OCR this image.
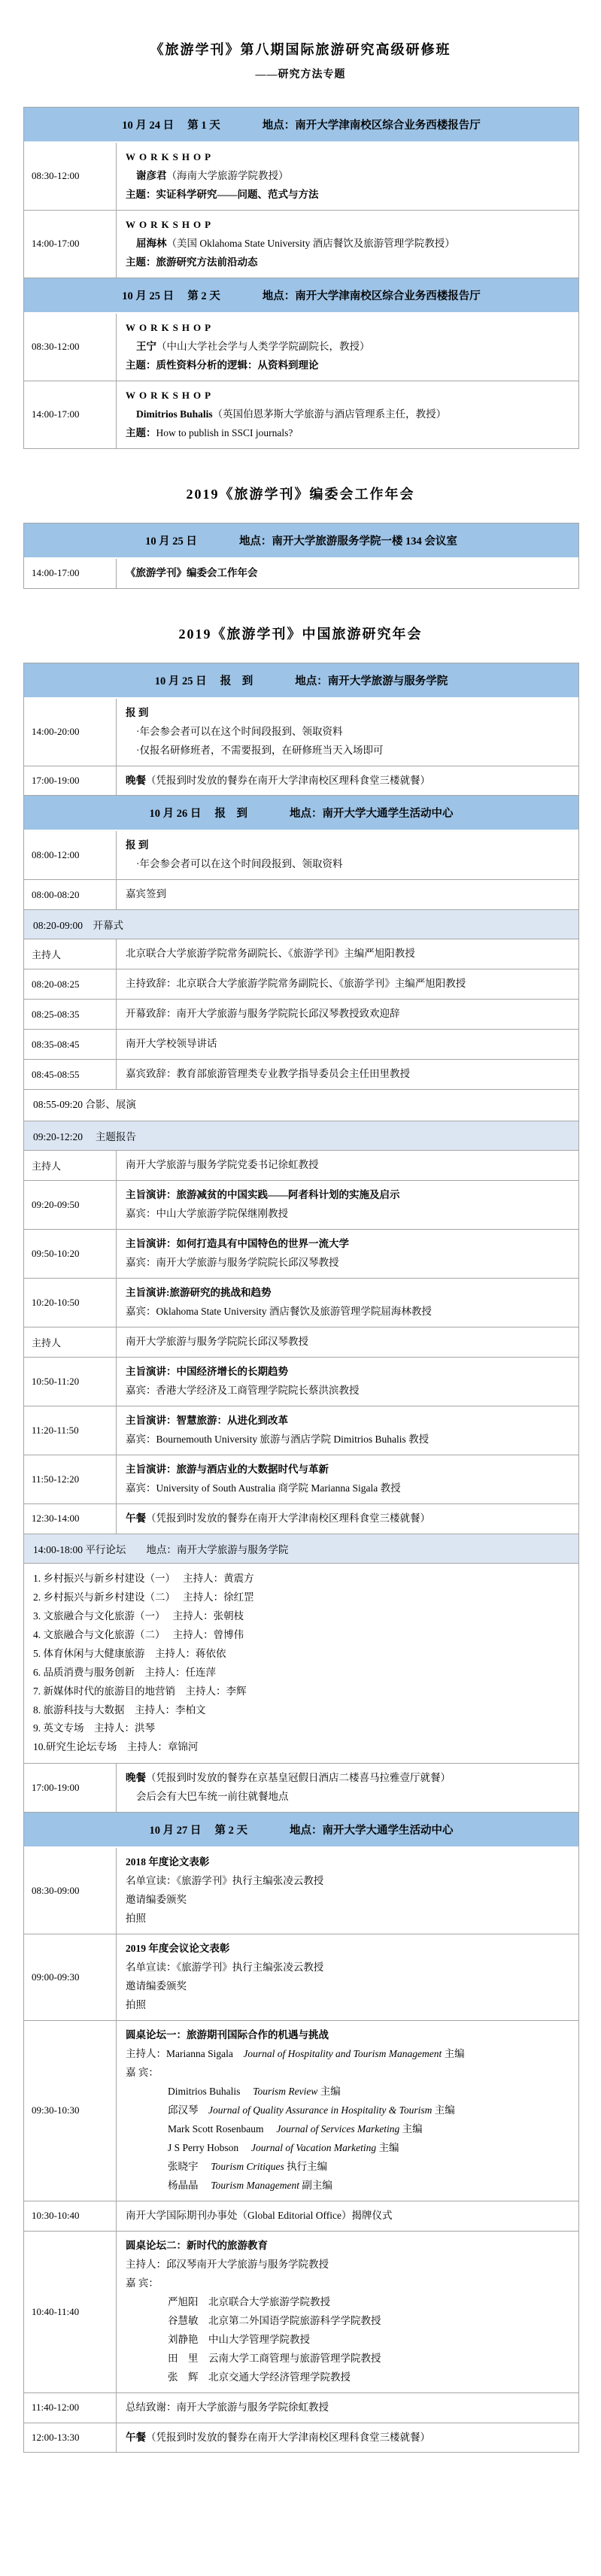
《旅游学刊》第八期国际旅游研究高级研修班
——研究方法专题
10 月 24 日　 第 1 天	地点：南开大学津南校区综合业务西楼报告厅
08:30-12:00
WORKSHOP
谢彦君（海南大学旅游学院教授）
主题：实证科学研究——问题、范式与方法
14:00-17:00
WORKSHOP
屈海林（美国 Oklahoma State University 酒店餐饮及旅游管理学院教授）
主题：旅游研究方法前沿动态
10 月 25 日　 第 2 天	地点：南开大学津南校区综合业务西楼报告厅
08:30-12:00
WORKSHOP
王宁（中山大学社会学与人类学学院副院长，教授）
主题：质性资料分析的逻辑：从资料到理论
14:00-17:00
WORKSHOP
Dimitrios Buhalis（英国伯恩茅斯大学旅游与酒店管理系主任，教授）
主题：How to publish in SSCI journals?
2019《旅游学刊》编委会工作年会
10 月 25 日	地点：南开大学旅游服务学院一楼 134 会议室
14:00-17:00	《旅游学刊》编委会工作年会
2019《旅游学刊》中国旅游研究年会
10 月 25 日　 报　到	地点：南开大学旅游与服务学院
14:00-20:00
报 到
·年会参会者可以在这个时间段报到、领取资料
·仅报名研修班者，不需要报到，在研修班当天入场即可
17:00-19:00	晚餐（凭报到时发放的餐券在南开大学津南校区理科食堂三楼就餐）
10 月 26 日　 报　到	地点：南开大学大通学生活动中心
08:00-12:00
报 到
·年会参会者可以在这个时间段报到、领取资料
08:00-08:20	嘉宾签到
08:20-09:00　开幕式
主持人	北京联合大学旅游学院常务副院长、《旅游学刊》主编严旭阳教授
08:20-08:25	主持致辞：北京联合大学旅游学院常务副院长、《旅游学刊》主编严旭阳教授
08:25-08:35	开幕致辞：南开大学旅游与服务学院院长邱汉琴教授致欢迎辞
08:35-08:45	南开大学校领导讲话
08:45-08:55	嘉宾致辞：教育部旅游管理类专业教学指导委员会主任田里教授
08:55-09:20 合影、展演
09:20-12:20　 主题报告
主持人	南开大学旅游与服务学院党委书记徐虹教授
09:20-09:50
主旨演讲：旅游减贫的中国实践——阿者科计划的实施及启示
嘉宾：中山大学旅游学院保继刚教授
09:50-10:20
主旨演讲：如何打造具有中国特色的世界一流大学
嘉宾：南开大学旅游与服务学院院长邱汉琴教授
10:20-10:50
主旨演讲:旅游研究的挑战和趋势
嘉宾：Oklahoma State University 酒店餐饮及旅游管理学院屈海林教授
主持人	南开大学旅游与服务学院院长邱汉琴教授
10:50-11:20
主旨演讲：中国经济增长的长期趋势
嘉宾：香港大学经济及工商管理学院院长蔡洪滨教授
11:20-11:50
主旨演讲：智慧旅游：从进化到改革
嘉宾：Bournemouth University 旅游与酒店学院 Dimitrios Buhalis 教授
11:50-12:20
主旨演讲：旅游与酒店业的大数据时代与革新
嘉宾：University of South Australia 商学院 Marianna Sigala 教授
12:30-14:00	午餐（凭报到时发放的餐券在南开大学津南校区理科食堂三楼就餐）
14:00-18:00 平行论坛　　地点：南开大学旅游与服务学院
1. 乡村振兴与新乡村建设（一）　 主持人：黄震方
2. 乡村振兴与新乡村建设（二）　 主持人：徐红罡
3. 文旅融合与文化旅游（一）　 主持人：张朝枝
4. 文旅融合与文化旅游（二）　 主持人：曾博伟
5. 体育休闲与大健康旅游　主持人：蒋依依
6. 品质消费与服务创新　主持人：任连萍
7. 新媒体时代的旅游目的地营销　主持人：李辉
8. 旅游科技与大数据　主持人：李柏文
9. 英文专场　主持人：洪琴
10.研究生论坛专场　主持人：章锦河
17:00-19:00
晚餐（凭报到时发放的餐券在京基皇冠假日酒店二楼喜马拉雅壹厅就餐）
会后会有大巴车统一前往就餐地点
10 月 27 日　 第 2 天	地点：南开大学大通学生活动中心
08:30-09:00
2018 年度论文表彰
名单宣读：《旅游学刊》执行主编张凌云教授
邀请编委颁奖
拍照
09:00-09:30
2019 年度会议论文表彰
名单宣读：《旅游学刊》执行主编张凌云教授
邀请编委颁奖
拍照
09:30-10:30
圆桌论坛一：旅游期刊国际合作的机遇与挑战
主持人：Marianna Sigala　Journal of Hospitality and Tourism Management 主编
嘉 宾：
Dimitrios Buhalis　 Tourism Review 主编
邱汉琴　Journal of Quality Assurance in Hospitality & Tourism 主编
Mark Scott Rosenbaum　 Journal of Services Marketing 主编
J S Perry Hobson　 Journal of Vacation Marketing 主编
张晓宇　 Tourism Critiques 执行主编
杨晶晶　 Tourism Management 副主编
10:30-10:40	南开大学国际期刊办事处（Global Editorial Office）揭牌仪式
10:40-11:40
圆桌论坛二：新时代的旅游教育
主持人：邱汉琴南开大学旅游与服务学院教授
嘉 宾：
严旭阳　北京联合大学旅游学院教授
谷慧敏　北京第二外国语学院旅游科学学院教授
刘静艳　中山大学管理学院教授
田　里　云南大学工商管理与旅游管理学院教授
张　辉　北京交通大学经济管理学院教授
11:40-12:00	总结致谢：南开大学旅游与服务学院徐虹教授
12:00-13:30	午餐（凭报到时发放的餐券在南开大学津南校区理科食堂三楼就餐）
